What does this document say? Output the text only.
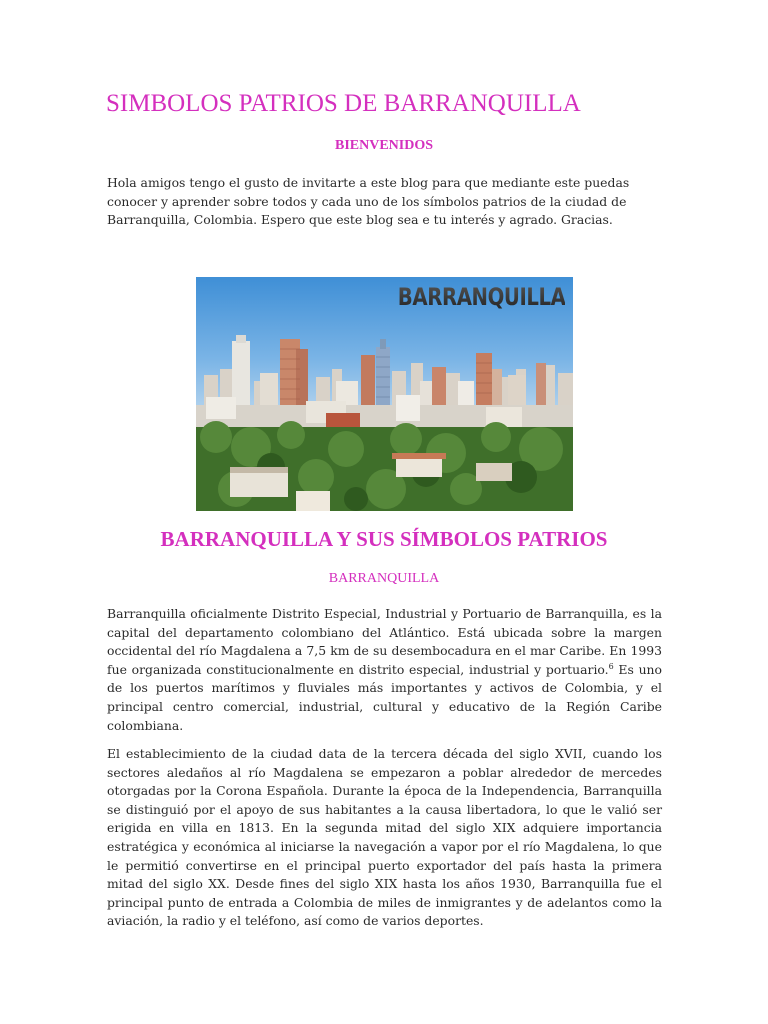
SIMBOLOS PATRIOS DE BARRANQUILLA
BIENVENIDOS

Hola amigos tengo el gusto de invitarte a este blog para que mediante este puedas conocer y aprender sobre todos y cada uno de los símbolos patrios de la ciudad de Barranquilla, Colombia. Espero que este blog sea e tu interés y agrado. Gracias.

BARRANQUILLA
BARRANQUILLA Y SUS SÍMBOLOS PATRIOS
BARRANQUILLA

Barranquilla oficialmente Distrito Especial, Industrial y Portuario de Barranquilla, es la capital del departamento colombiano del Atlántico. Está ubicada sobre la margen occidental del río Magdalena a 7,5 km de su desembocadura en el mar Caribe. En 1993 fue organizada constitucionalmente en distrito especial, industrial y portuario.$^6$ Es uno de los puertos marítimos y fluviales más importantes y activos de Colombia, y el principal centro comercial, industrial, cultural y educativo de la Región Caribe colombiana.

El establecimiento de la ciudad data de la tercera década del siglo XVII, cuando los sectores aledaños al río Magdalena se empezaron a poblar alrededor de mercedes otorgadas por la Corona Española. Durante la época de la Independencia, Barranquilla se distinguió por el apoyo de sus habitantes a la causa libertadora, lo que le valió ser erigida en villa en 1813. En la segunda mitad del siglo XIX adquiere importancia estratégica y económica al iniciarse la navegación a vapor por el río Magdalena, lo que le permitió convertirse en el principal puerto exportador del país hasta la primera mitad del siglo XX. Desde fines del siglo XIX hasta los años 1930, Barranquilla fue el principal punto de entrada a Colombia de miles de inmigrantes y de adelantos como la aviación, la radio y el teléfono, así como de varios deportes.
